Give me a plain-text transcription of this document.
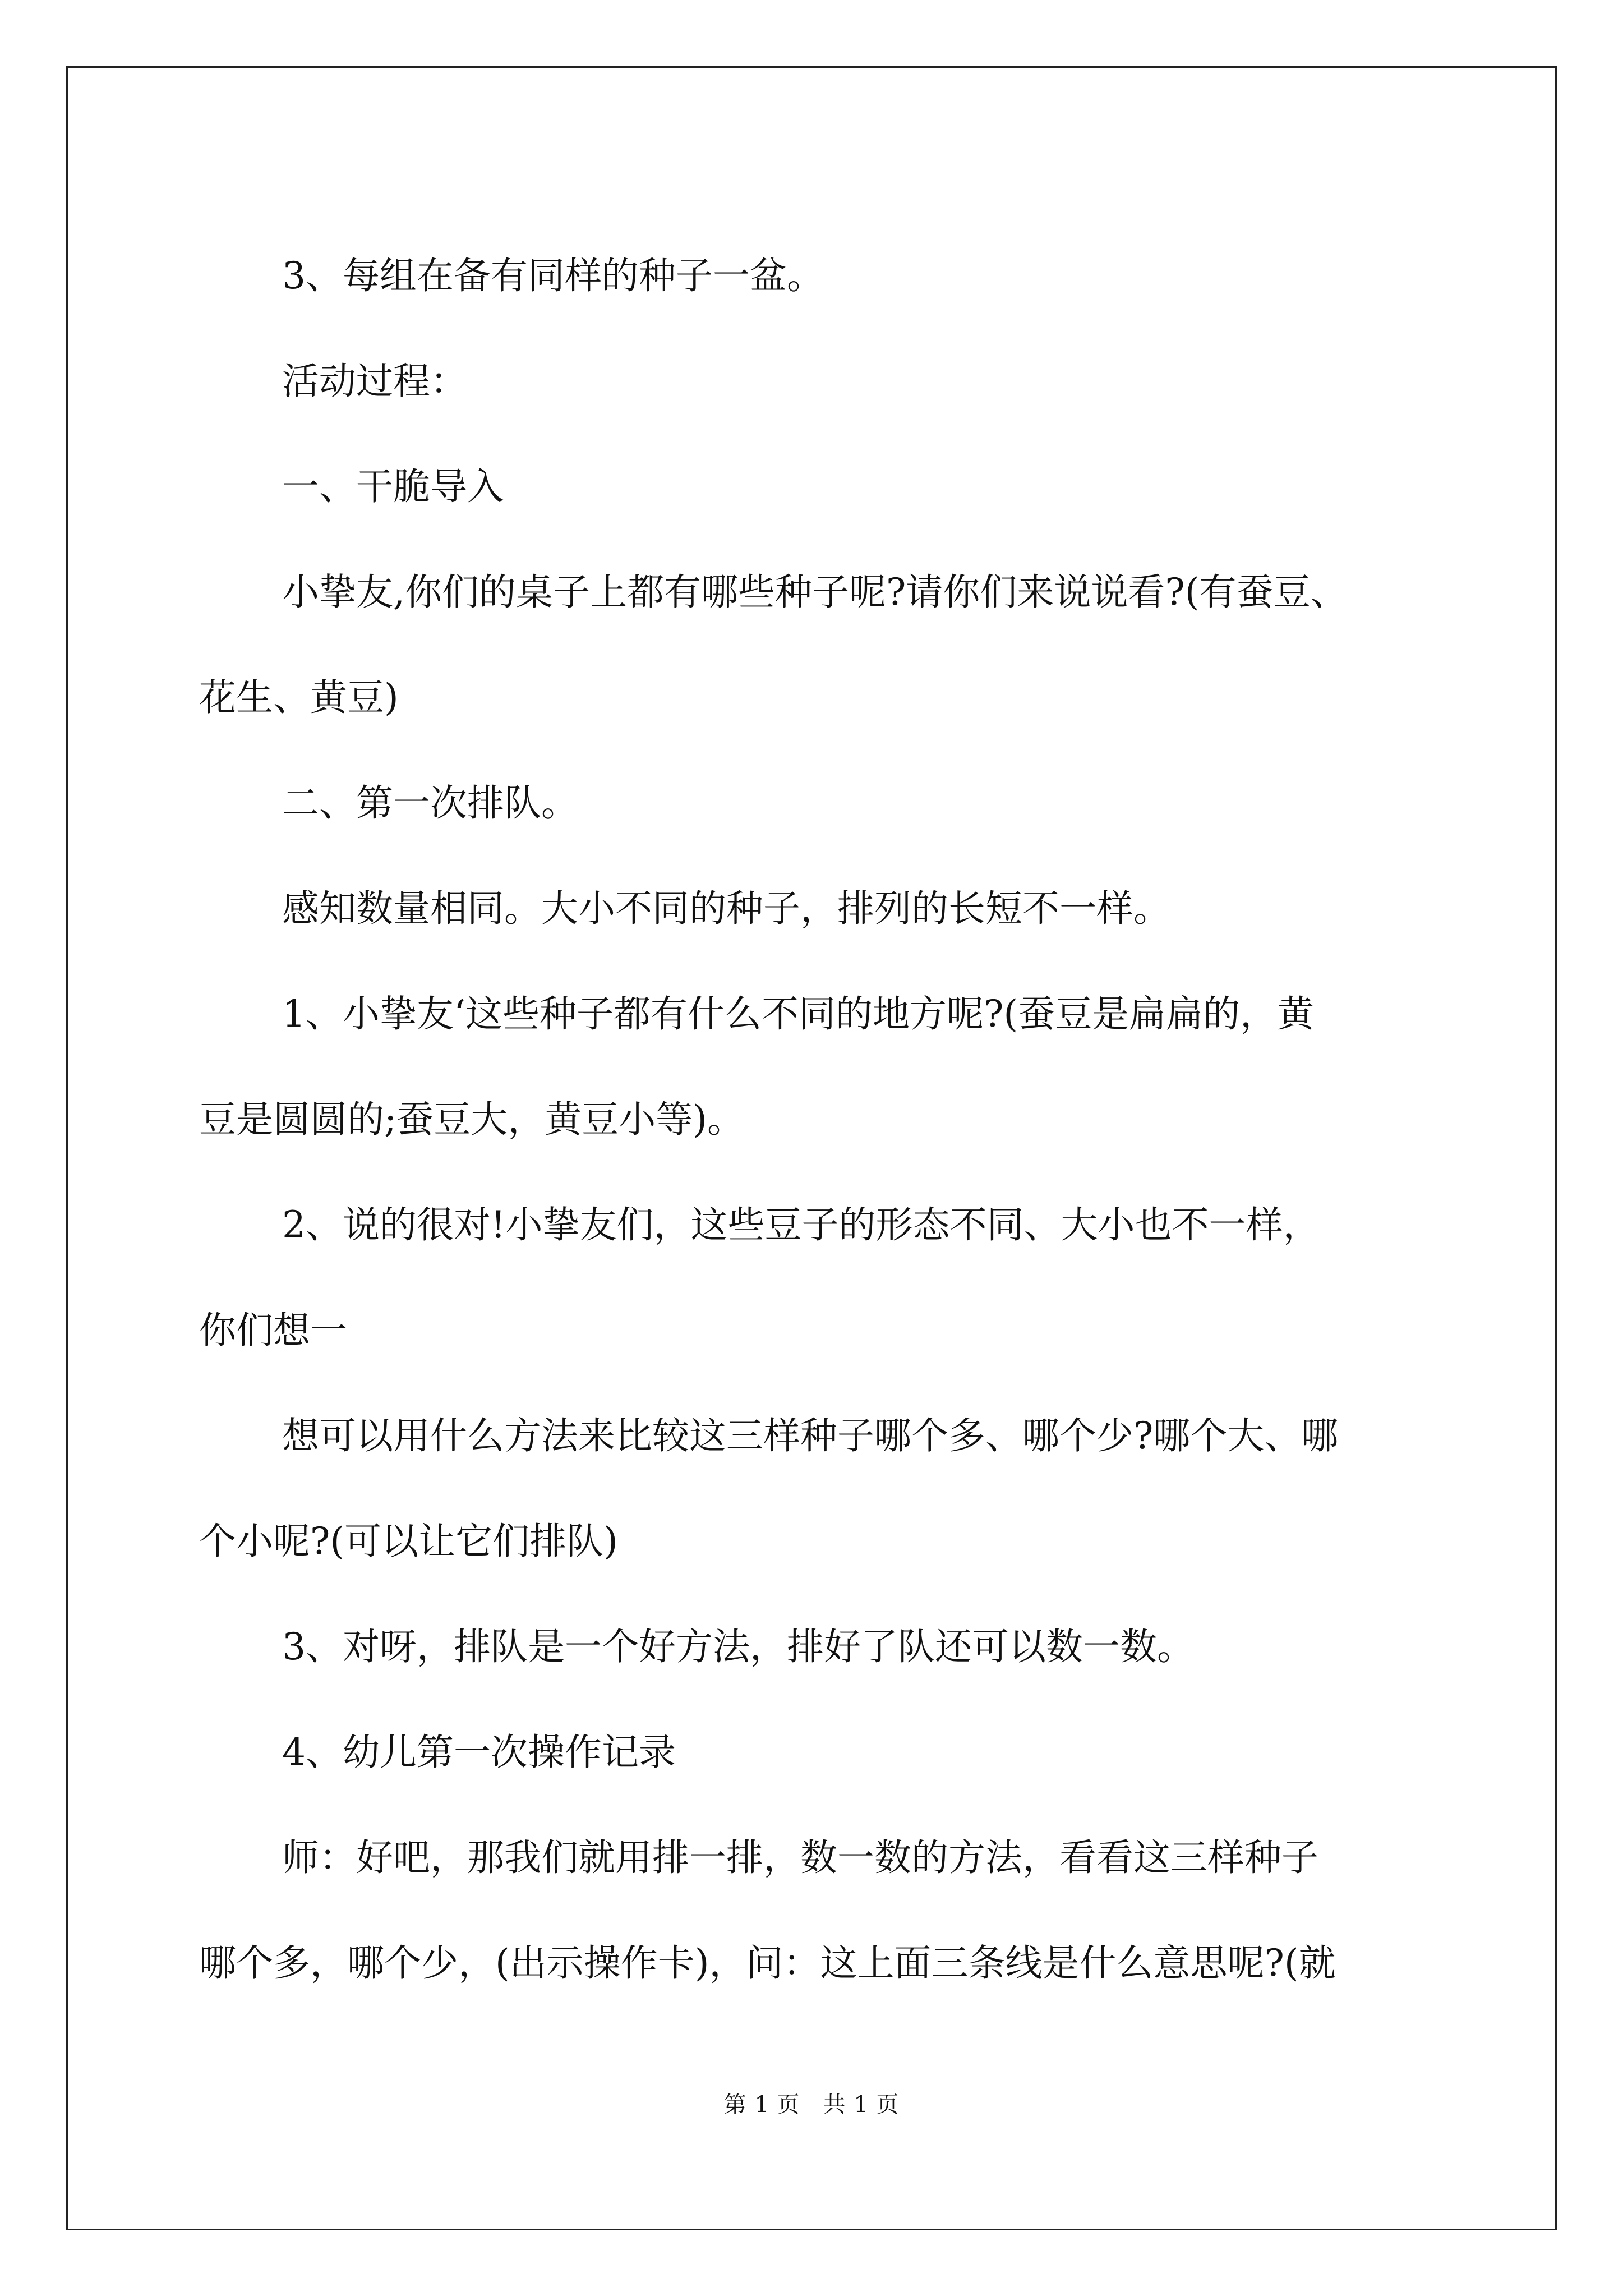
3、每组在备有同样的种子一盆。
活动过程：
一、干脆导入
小挚友,你们的桌子上都有哪些种子呢?请你们来说说看?(有蚕豆、
花生、黄豆)
二、第一次排队。
感知数量相同。大小不同的种子，排列的长短不一样。
1、小挚友‘这些种子都有什么不同的地方呢?(蚕豆是扁扁的，黄
豆是圆圆的;蚕豆大，黄豆小等)。
2、说的很对!小挚友们，这些豆子的形态不同、大小也不一样，
你们想一
想可以用什么方法来比较这三样种子哪个多、哪个少?哪个大、哪
个小呢?(可以让它们排队)
3、对呀，排队是一个好方法，排好了队还可以数一数。
4、幼儿第一次操作记录
师：好吧，那我们就用排一排，数一数的方法，看看这三样种子
哪个多，哪个少，(出示操作卡)，问：这上面三条线是什么意思呢?(就
第 1 页　共 1 页
